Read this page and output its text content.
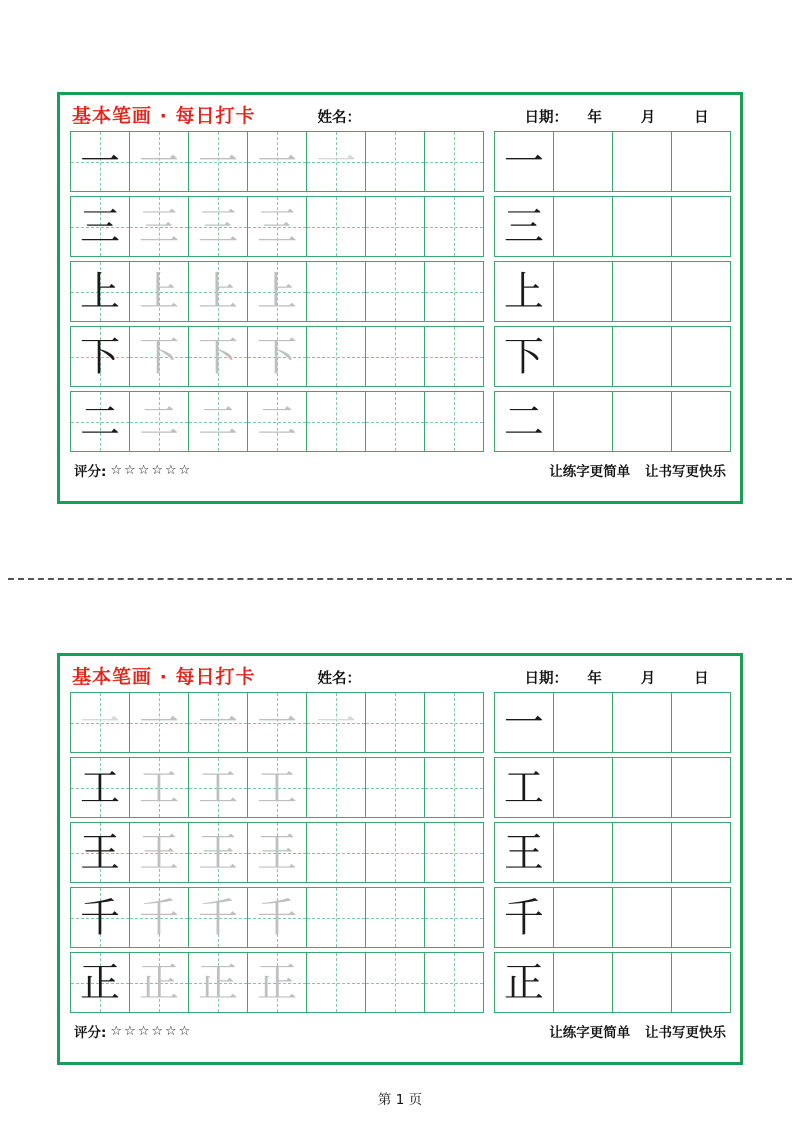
基本笔画 · 每日打卡	姓名：	日期： 年	月	日
一 一 一 一 一	一
三 三 三 三	三
上 上 上 上	上
下 下 下 下	下
二 二 二 二	二
评分: ☆☆☆☆☆☆	让练字更简单 让书写更快乐
基本笔画 · 每日打卡	姓名：	日期： 年	月	日
一 一 一 一 一	一
工 工 工 工	工
王 王 王 王	王
千 千 千 千	千
正 正 正 正	正
评分: ☆☆☆☆☆☆	让练字更简单 让书写更快乐
第 1 页
